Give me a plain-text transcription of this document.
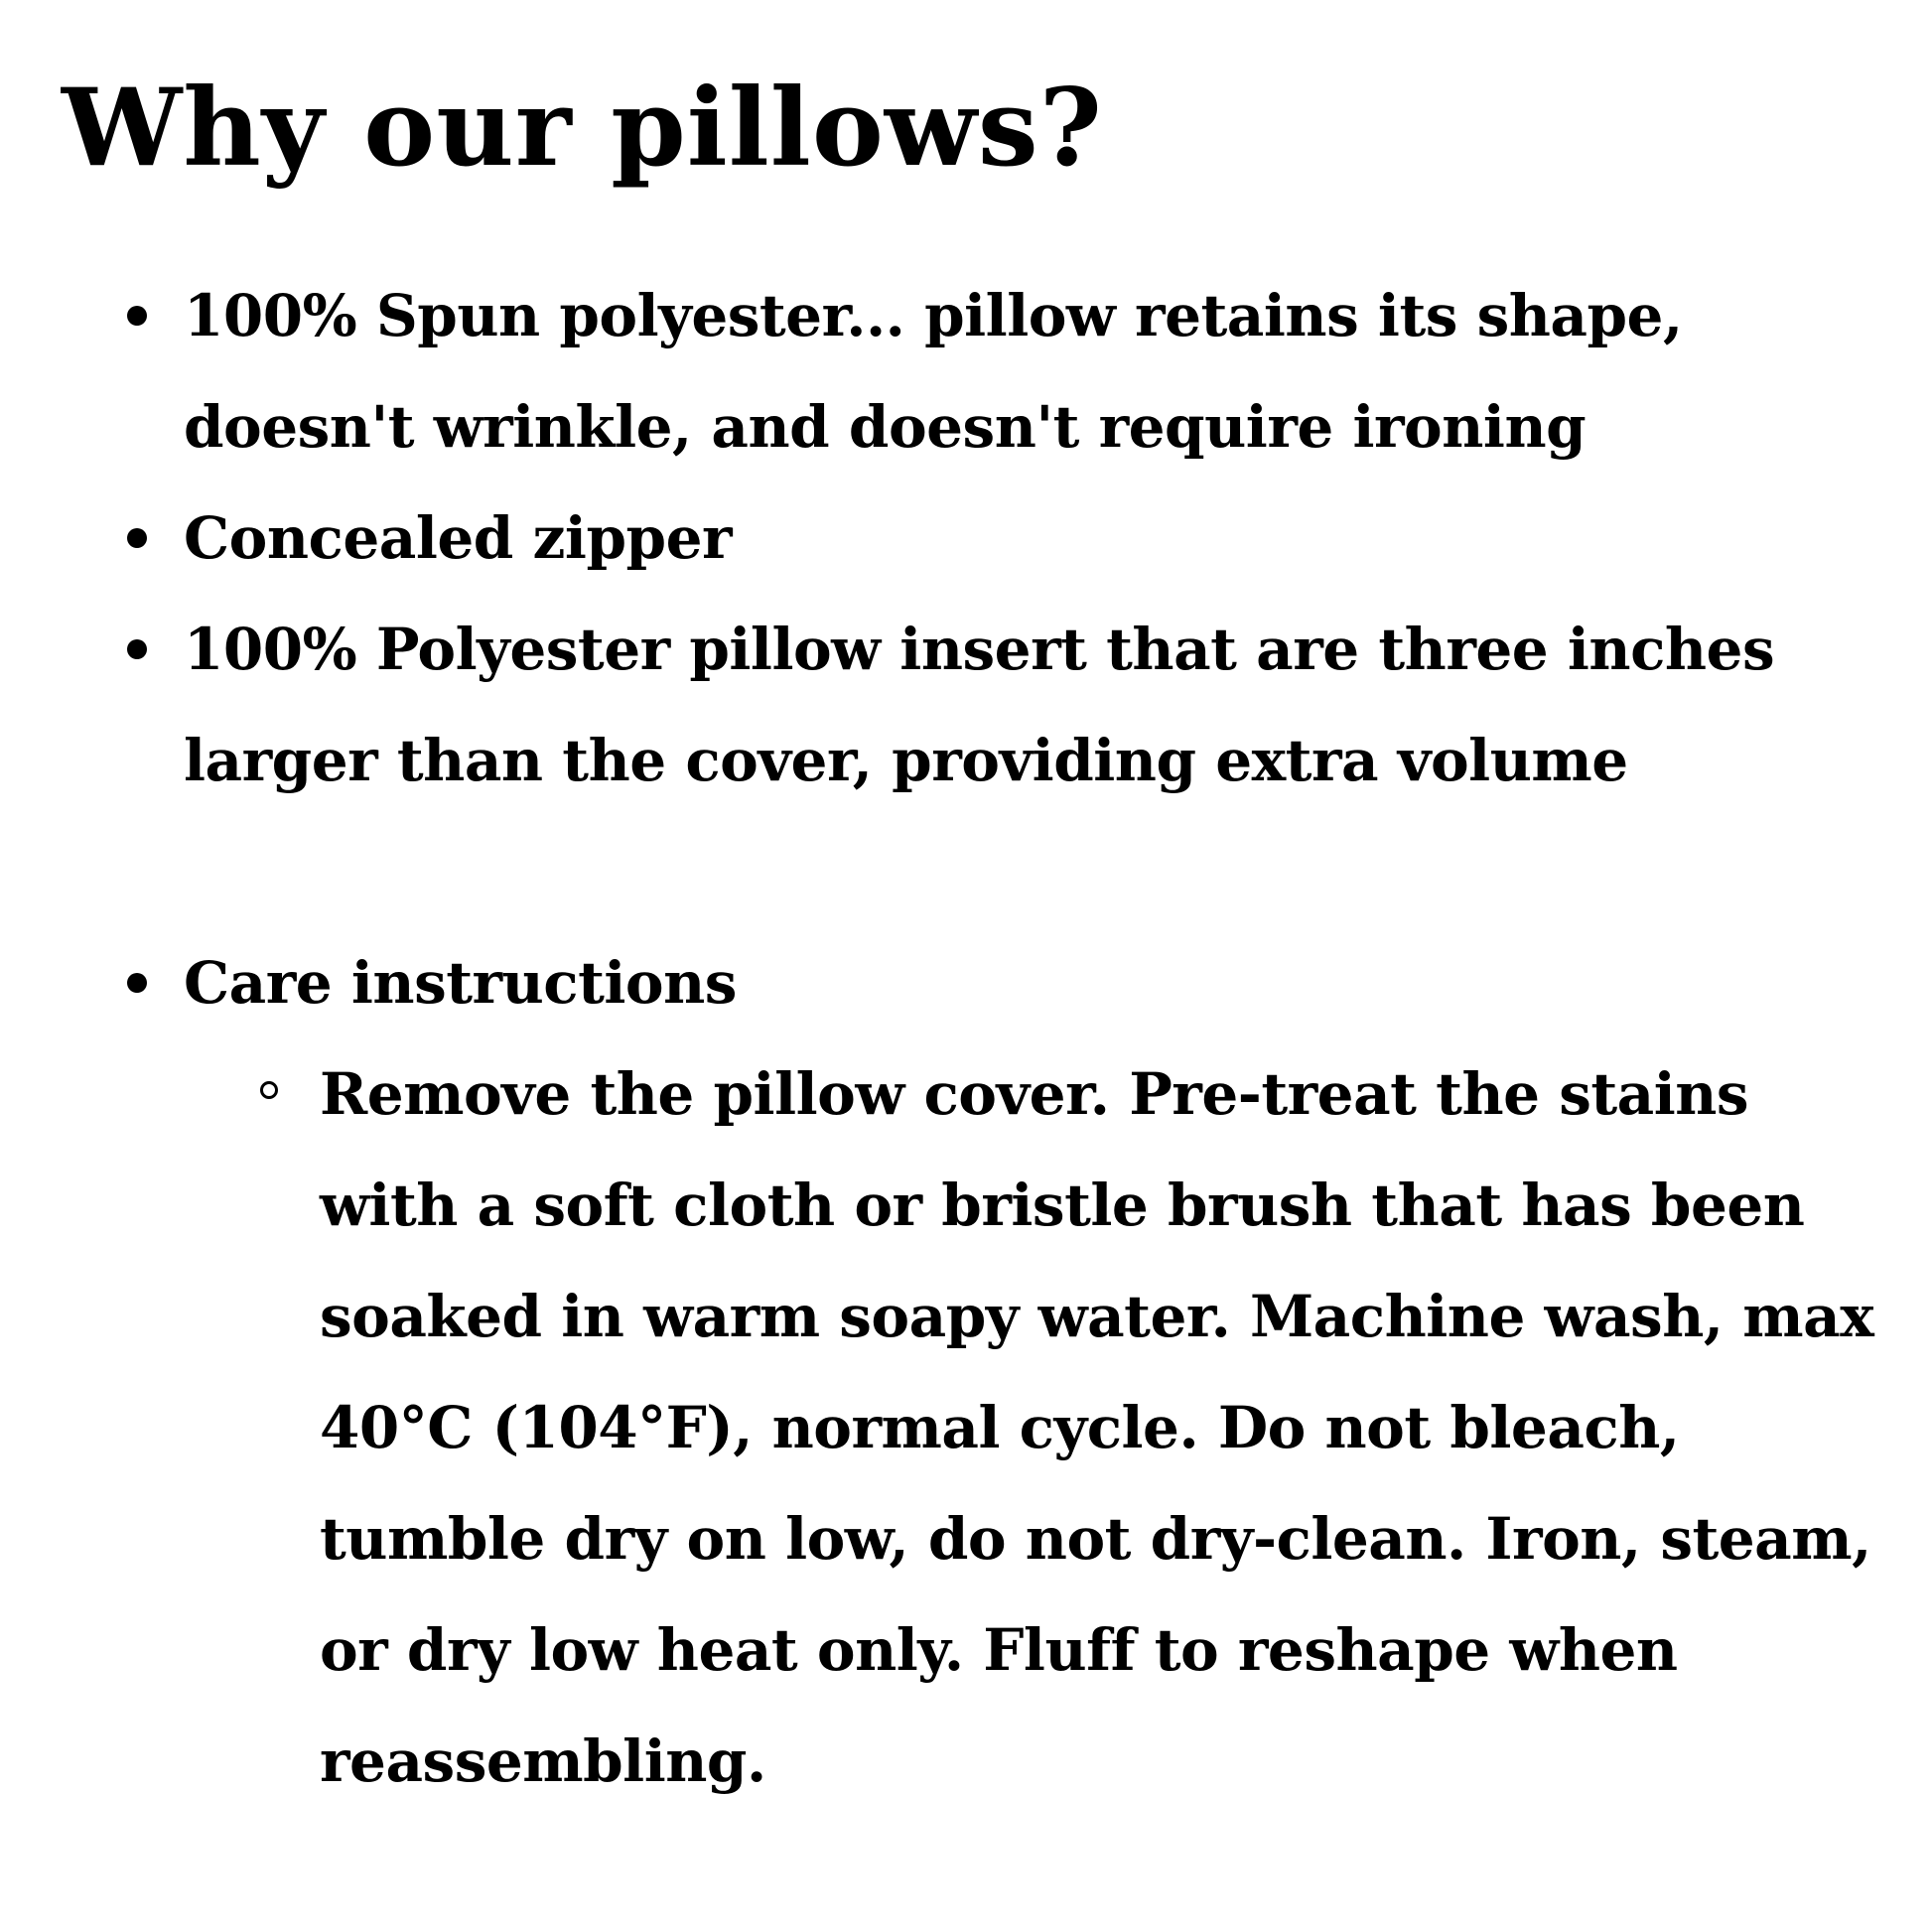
Why our pillows?
100% Spun polyester... pillow retains its shape, doesn't wrinkle, and doesn't require ironing
Concealed zipper
100% Polyester pillow insert that are three inches larger than the cover, providing extra volume
Care instructions
Remove the pillow cover. Pre-treat the stains with a soft cloth or bristle brush that has been soaked in warm soapy water. Machine wash, max 40°C (104°F), normal cycle. Do not bleach, tumble dry on low, do not dry-clean. Iron, steam, or dry low heat only. Fluff to reshape when reassembling.
